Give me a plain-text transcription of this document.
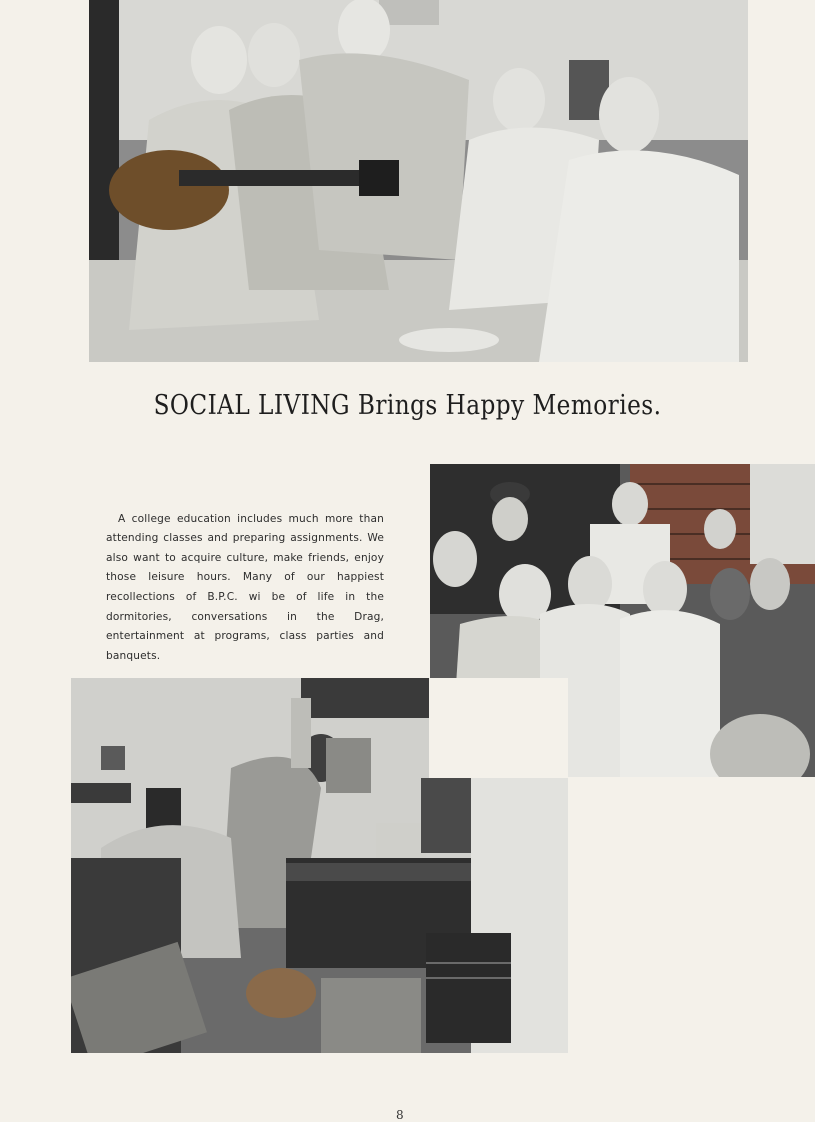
SOCIAL LIVING Brings Happy Memories.

A college education includes much more than attending classes and preparing assignments. We also want to acquire culture, make friends, enjoy those leisure hours. Many of our happiest recollections of B.P.C. wi be of life in the dormitories, conversations in the Drag, entertainment at programs, class parties and banquets.

8
